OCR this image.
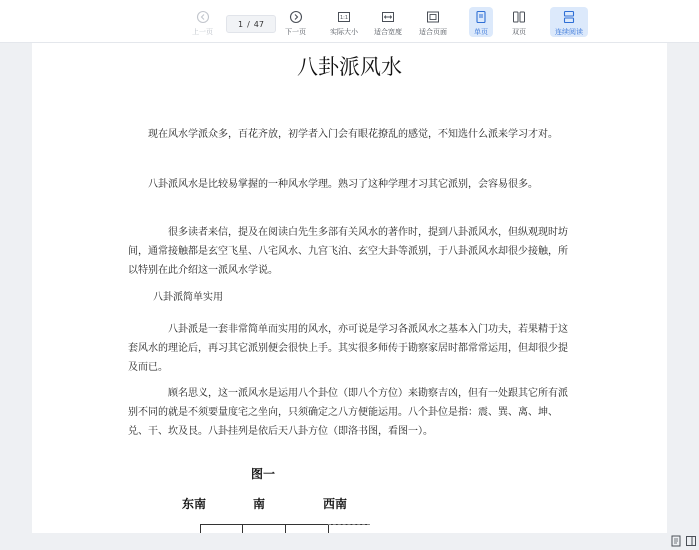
上一页
1 / 47
下一页
1:1
实际大小 适合宽度 适合页面	单页	双页	连续阅读
八卦派风水

现在风水学派众多，百花齐放，初学者入门会有眼花撩乱的感觉，不知选什么派来学习才对。

八卦派风水是比较易掌握的一种风水学理。熟习了这种学理才习其它派别，会容易很多。

很多读者来信，提及在阅读白先生多部有关风水的著作时，提到八卦派风水，但纵观现时坊间，通常接触都是玄空飞星、八宅风水、九宫飞泊、玄空大卦等派别，于八卦派风水却很少接触，所以特别在此介绍这一派风水学说。

八卦派简单实用

八卦派是一套非常简单而实用的风水，亦可说是学习各派风水之基本入门功夫，若果精于这套风水的理论后，再习其它派别便会很快上手。其实很多师传于勘察家居时都常常运用，但却很少提及而已。

顾名思义，这一派风水是运用八个卦位（即八个方位）来勘察吉凶，但有一处跟其它所有派别不同的就是不须要量度宅之坐向，只须确定之八方便能运用。八个卦位是指：震、巽、离、坤、兑、干、坎及艮。八卦挂列是依后天八卦方位（即洛书图，看图一）。

图一
东南	南	西南
